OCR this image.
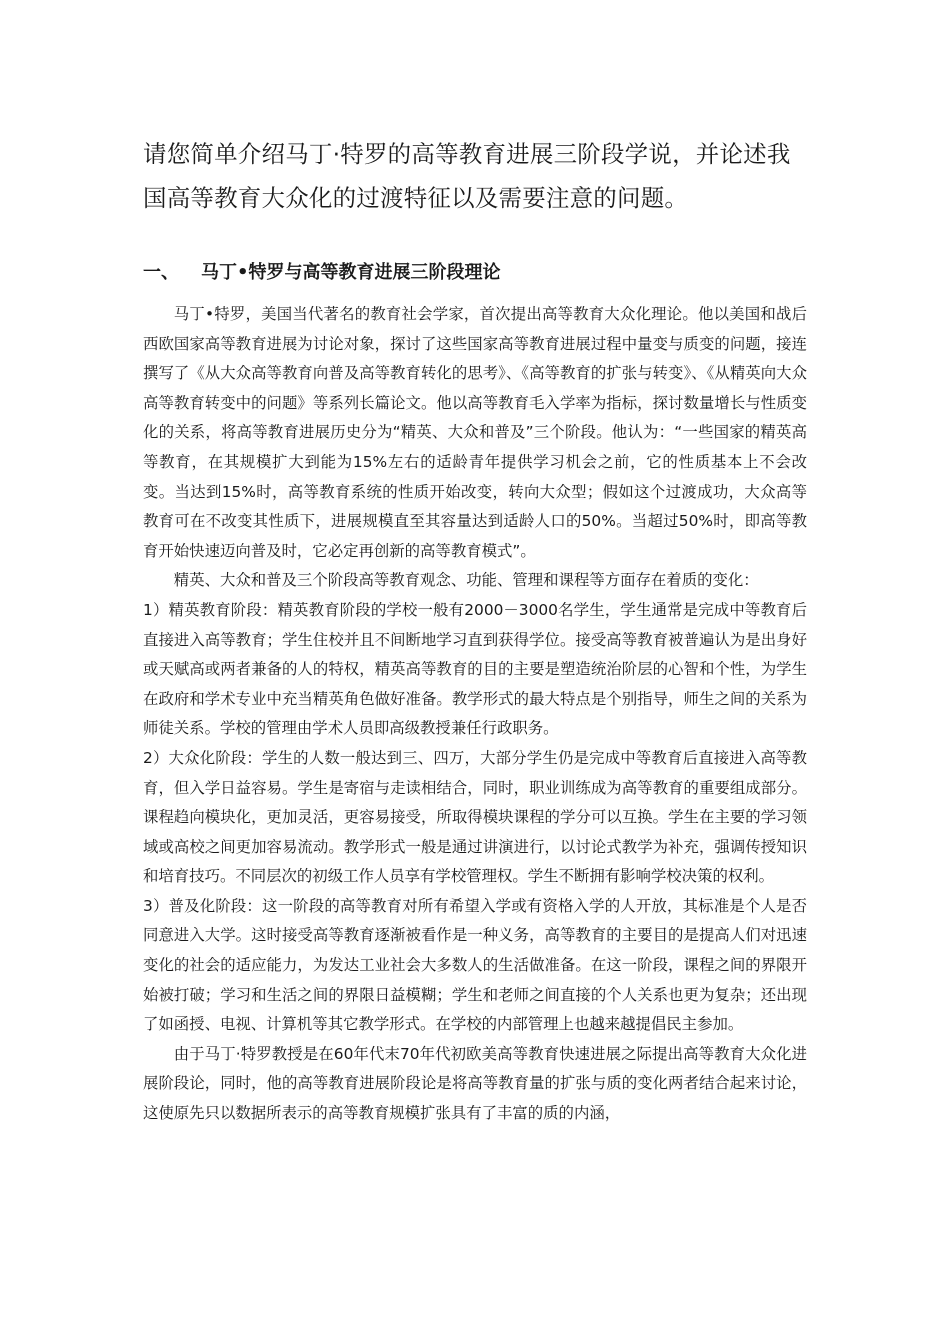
请您简单介绍马丁·特罗的高等教育进展三阶段学说，并论述我国高等教育大众化的过渡特征以及需要注意的问题。
一、 马丁•特罗与高等教育进展三阶段理论

马丁•特罗，美国当代著名的教育社会学家，首次提出高等教育大众化理论。他以美国和战后西欧国家高等教育进展为讨论对象，探讨了这些国家高等教育进展过程中量变与质变的问题，接连撰写了《从大众高等教育向普及高等教育转化的思考》、《高等教育的扩张与转变》、《从精英向大众高等教育转变中的问题》等系列长篇论文。他以高等教育毛入学率为指标，探讨数量增长与性质变化的关系，将高等教育进展历史分为“精英、大众和普及”三个阶段。他认为：“一些国家的精英高等教育，在其规模扩大到能为15%左右的适龄青年提供学习机会之前，它的性质基本上不会改变。当达到15%时，高等教育系统的性质开始改变，转向大众型；假如这个过渡成功，大众高等教育可在不改变其性质下，进展规模直至其容量达到适龄人口的50%。当超过50%时，即高等教育开始快速迈向普及时，它必定再创新的高等教育模式”。

精英、大众和普及三个阶段高等教育观念、功能、管理和课程等方面存在着质的变化：

1）精英教育阶段：精英教育阶段的学校一般有2000－3000名学生，学生通常是完成中等教育后直接进入高等教育；学生住校并且不间断地学习直到获得学位。接受高等教育被普遍认为是出身好或天赋高或两者兼备的人的特权，精英高等教育的目的主要是塑造统治阶层的心智和个性，为学生在政府和学术专业中充当精英角色做好准备。教学形式的最大特点是个别指导，师生之间的关系为师徒关系。学校的管理由学术人员即高级教授兼任行政职务。

2）大众化阶段：学生的人数一般达到三、四万，大部分学生仍是完成中等教育后直接进入高等教育，但入学日益容易。学生是寄宿与走读相结合，同时，职业训练成为高等教育的重要组成部分。课程趋向模块化，更加灵活，更容易接受，所取得模块课程的学分可以互换。学生在主要的学习领域或高校之间更加容易流动。教学形式一般是通过讲演进行，以讨论式教学为补充，强调传授知识和培育技巧。不同层次的初级工作人员享有学校管理权。学生不断拥有影响学校决策的权利。

3）普及化阶段：这一阶段的高等教育对所有希望入学或有资格入学的人开放，其标准是个人是否同意进入大学。这时接受高等教育逐渐被看作是一种义务，高等教育的主要目的是提高人们对迅速变化的社会的适应能力，为发达工业社会大多数人的生活做准备。在这一阶段，课程之间的界限开始被打破；学习和生活之间的界限日益模糊；学生和老师之间直接的个人关系也更为复杂；还出现了如函授、电视、计算机等其它教学形式。在学校的内部管理上也越来越提倡民主参加。

由于马丁·特罗教授是在60年代末70年代初欧美高等教育快速进展之际提出高等教育大众化进展阶段论，同时，他的高等教育进展阶段论是将高等教育量的扩张与质的变化两者结合起来讨论，这使原先只以数据所表示的高等教育规模扩张具有了丰富的质的内涵，
